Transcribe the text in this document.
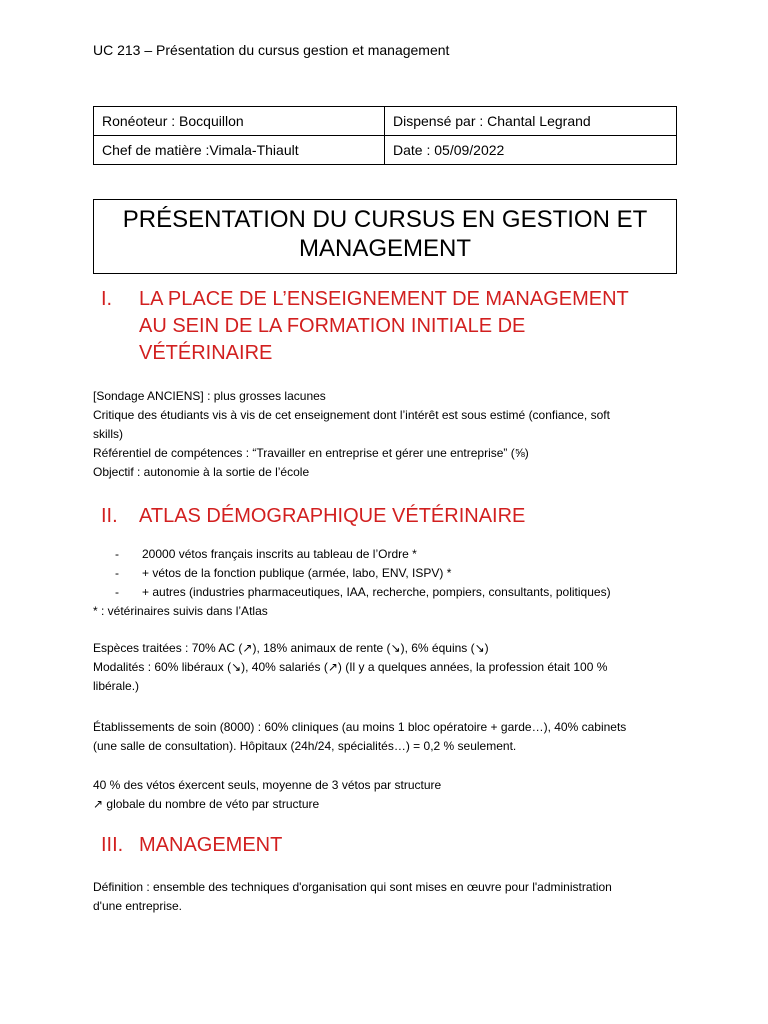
UC 213 – Présentation du cursus gestion et management
Ronéoteur : Bocquillon	Dispensé par : Chantal Legrand
Chef de matière :Vimala-Thiault	Date : 05/09/2022
PRÉSENTATION DU CURSUS EN GESTION ET
MANAGEMENT
I. LA PLACE DE L’ENSEIGNEMENT DE MANAGEMENT
AU SEIN DE LA FORMATION INITIALE DE
VÉTÉRINAIRE

[Sondage ANCIENS] : plus grosses lacunes

Critique des étudiants vis à vis de cet enseignement dont l’intérêt est sous estimé (confiance, soft

skills)

Référentiel de compétences : “Travailler en entreprise et gérer une entreprise” (⅝)

Objectif : autonomie à la sortie de l’école

II. ATLAS DÉMOGRAPHIQUE VÉTÉRINAIRE
- 20000 vétos français inscrits au tableau de l’Ordre *
- + vétos de la fonction publique (armée, labo, ENV, ISPV) *
- + autres (industries pharmaceutiques, IAA, recherche, pompiers, consultants, politiques)

* : vétérinaires suivis dans l’Atlas

Espèces traitées : 70% AC (↗), 18% animaux de rente (↘), 6% équins (↘)

Modalités : 60% libéraux (↘), 40% salariés (↗) (Il y a quelques années, la profession était 100 %

libérale.)

Établissements de soin (8000) : 60% cliniques (au moins 1 bloc opératoire + garde…), 40% cabinets

(une salle de consultation). Hôpitaux (24h/24, spécialités…) = 0,2 % seulement.

40 % des vétos éxercent seuls, moyenne de 3 vétos par structure

↗ globale du nombre de véto par structure

III. MANAGEMENT

Définition : ensemble des techniques d'organisation qui sont mises en œuvre pour l'administration

d'une entreprise.
